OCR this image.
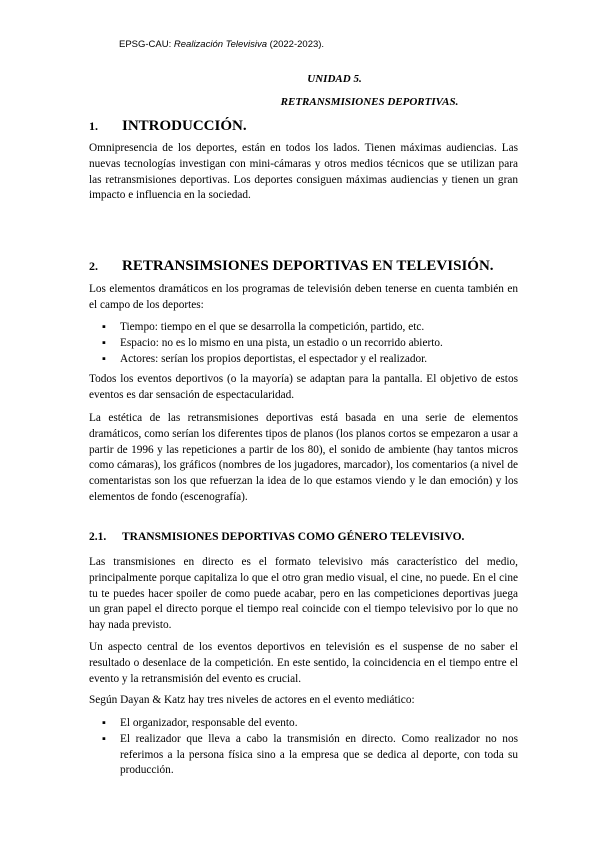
EPSG-CAU: Realización Televisiva (2022-2023).
UNIDAD 5.
RETRANSMISIONES DEPORTIVAS.
1. INTRODUCCIÓN.

Omnipresencia de los deportes, están en todos los lados. Tienen máximas audiencias. Las nuevas tecnologías investigan con mini-cámaras y otros medios técnicos que se utilizan para las retransmisiones deportivas. Los deportes consiguen máximas audiencias y tienen un gran impacto e influencia en la sociedad.

2. RETRANSIMSIONES DEPORTIVAS EN TELEVISIÓN.

Los elementos dramáticos en los programas de televisión deben tenerse en cuenta también en el campo de los deportes:

▪ Tiempo: tiempo en el que se desarrolla la competición, partido, etc.
▪ Espacio: no es lo mismo en una pista, un estadio o un recorrido abierto.
▪ Actores: serían los propios deportistas, el espectador y el realizador.

Todos los eventos deportivos (o la mayoría) se adaptan para la pantalla. El objetivo de estos eventos es dar sensación de espectacularidad.

La estética de las retransmisiones deportivas está basada en una serie de elementos dramáticos, como serían los diferentes tipos de planos (los planos cortos se empezaron a usar a partir de 1996 y las repeticiones a partir de los 80), el sonido de ambiente (hay tantos micros como cámaras), los gráficos (nombres de los jugadores, marcador), los comentarios (a nivel de comentaristas son los que refuerzan la idea de lo que estamos viendo y le dan emoción) y los elementos de fondo (escenografía).

2.1. TRANSMISIONES DEPORTIVAS COMO GÉNERO TELEVISIVO.

Las transmisiones en directo es el formato televisivo más característico del medio, principalmente porque capitaliza lo que el otro gran medio visual, el cine, no puede. En el cine tu te puedes hacer spoiler de como puede acabar, pero en las competiciones deportivas juega un gran papel el directo porque el tiempo real coincide con el tiempo televisivo por lo que no hay nada previsto.

Un aspecto central de los eventos deportivos en televisión es el suspense de no saber el resultado o desenlace de la competición. En este sentido, la coincidencia en el tiempo entre el evento y la retransmisión del evento es crucial.

Según Dayan & Katz hay tres niveles de actores en el evento mediático:

▪ El organizador, responsable del evento.
▪ El realizador que lleva a cabo la transmisión en directo. Como realizador no nos referimos a la persona física sino a la empresa que se dedica al deporte, con toda su producción.
